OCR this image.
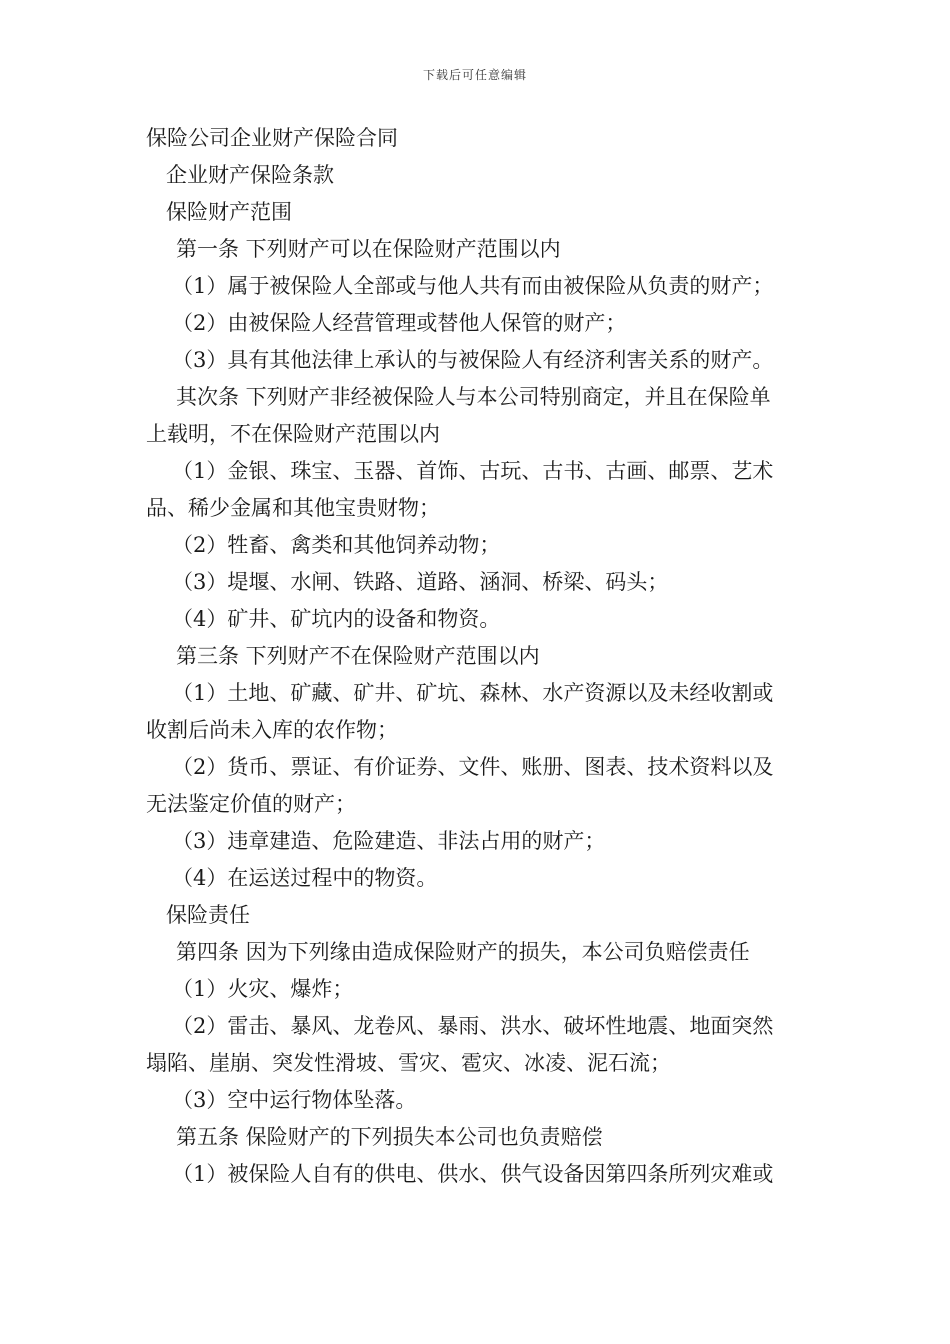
下载后可任意编辑
保险公司企业财产保险合同
企业财产保险条款
保险财产范围
第一条 下列财产可以在保险财产范围以内
（1）属于被保险人全部或与他人共有而由被保险从负责的财产；
（2）由被保险人经营管理或替他人保管的财产；
（3）具有其他法律上承认的与被保险人有经济利害关系的财产。
其次条 下列财产非经被保险人与本公司特别商定，并且在保险单
上载明，不在保险财产范围以内
（1）金银、珠宝、玉器、首饰、古玩、古书、古画、邮票、艺术
品、稀少金属和其他宝贵财物；
（2）牲畜、禽类和其他饲养动物；
（3）堤堰、水闸、铁路、道路、涵洞、桥梁、码头；
（4）矿井、矿坑内的设备和物资。
第三条 下列财产不在保险财产范围以内
（1）土地、矿藏、矿井、矿坑、森林、水产资源以及未经收割或
收割后尚未入库的农作物；
（2）货币、票证、有价证券、文件、账册、图表、技术资料以及
无法鉴定价值的财产；
（3）违章建造、危险建造、非法占用的财产；
（4）在运送过程中的物资。
保险责任
第四条 因为下列缘由造成保险财产的损失，本公司负赔偿责任
（1）火灾、爆炸；
（2）雷击、暴风、龙卷风、暴雨、洪水、破坏性地震、地面突然
塌陷、崖崩、突发性滑坡、雪灾、雹灾、冰凌、泥石流；
（3）空中运行物体坠落。
第五条 保险财产的下列损失本公司也负责赔偿
（1）被保险人自有的供电、供水、供气设备因第四条所列灾难或
